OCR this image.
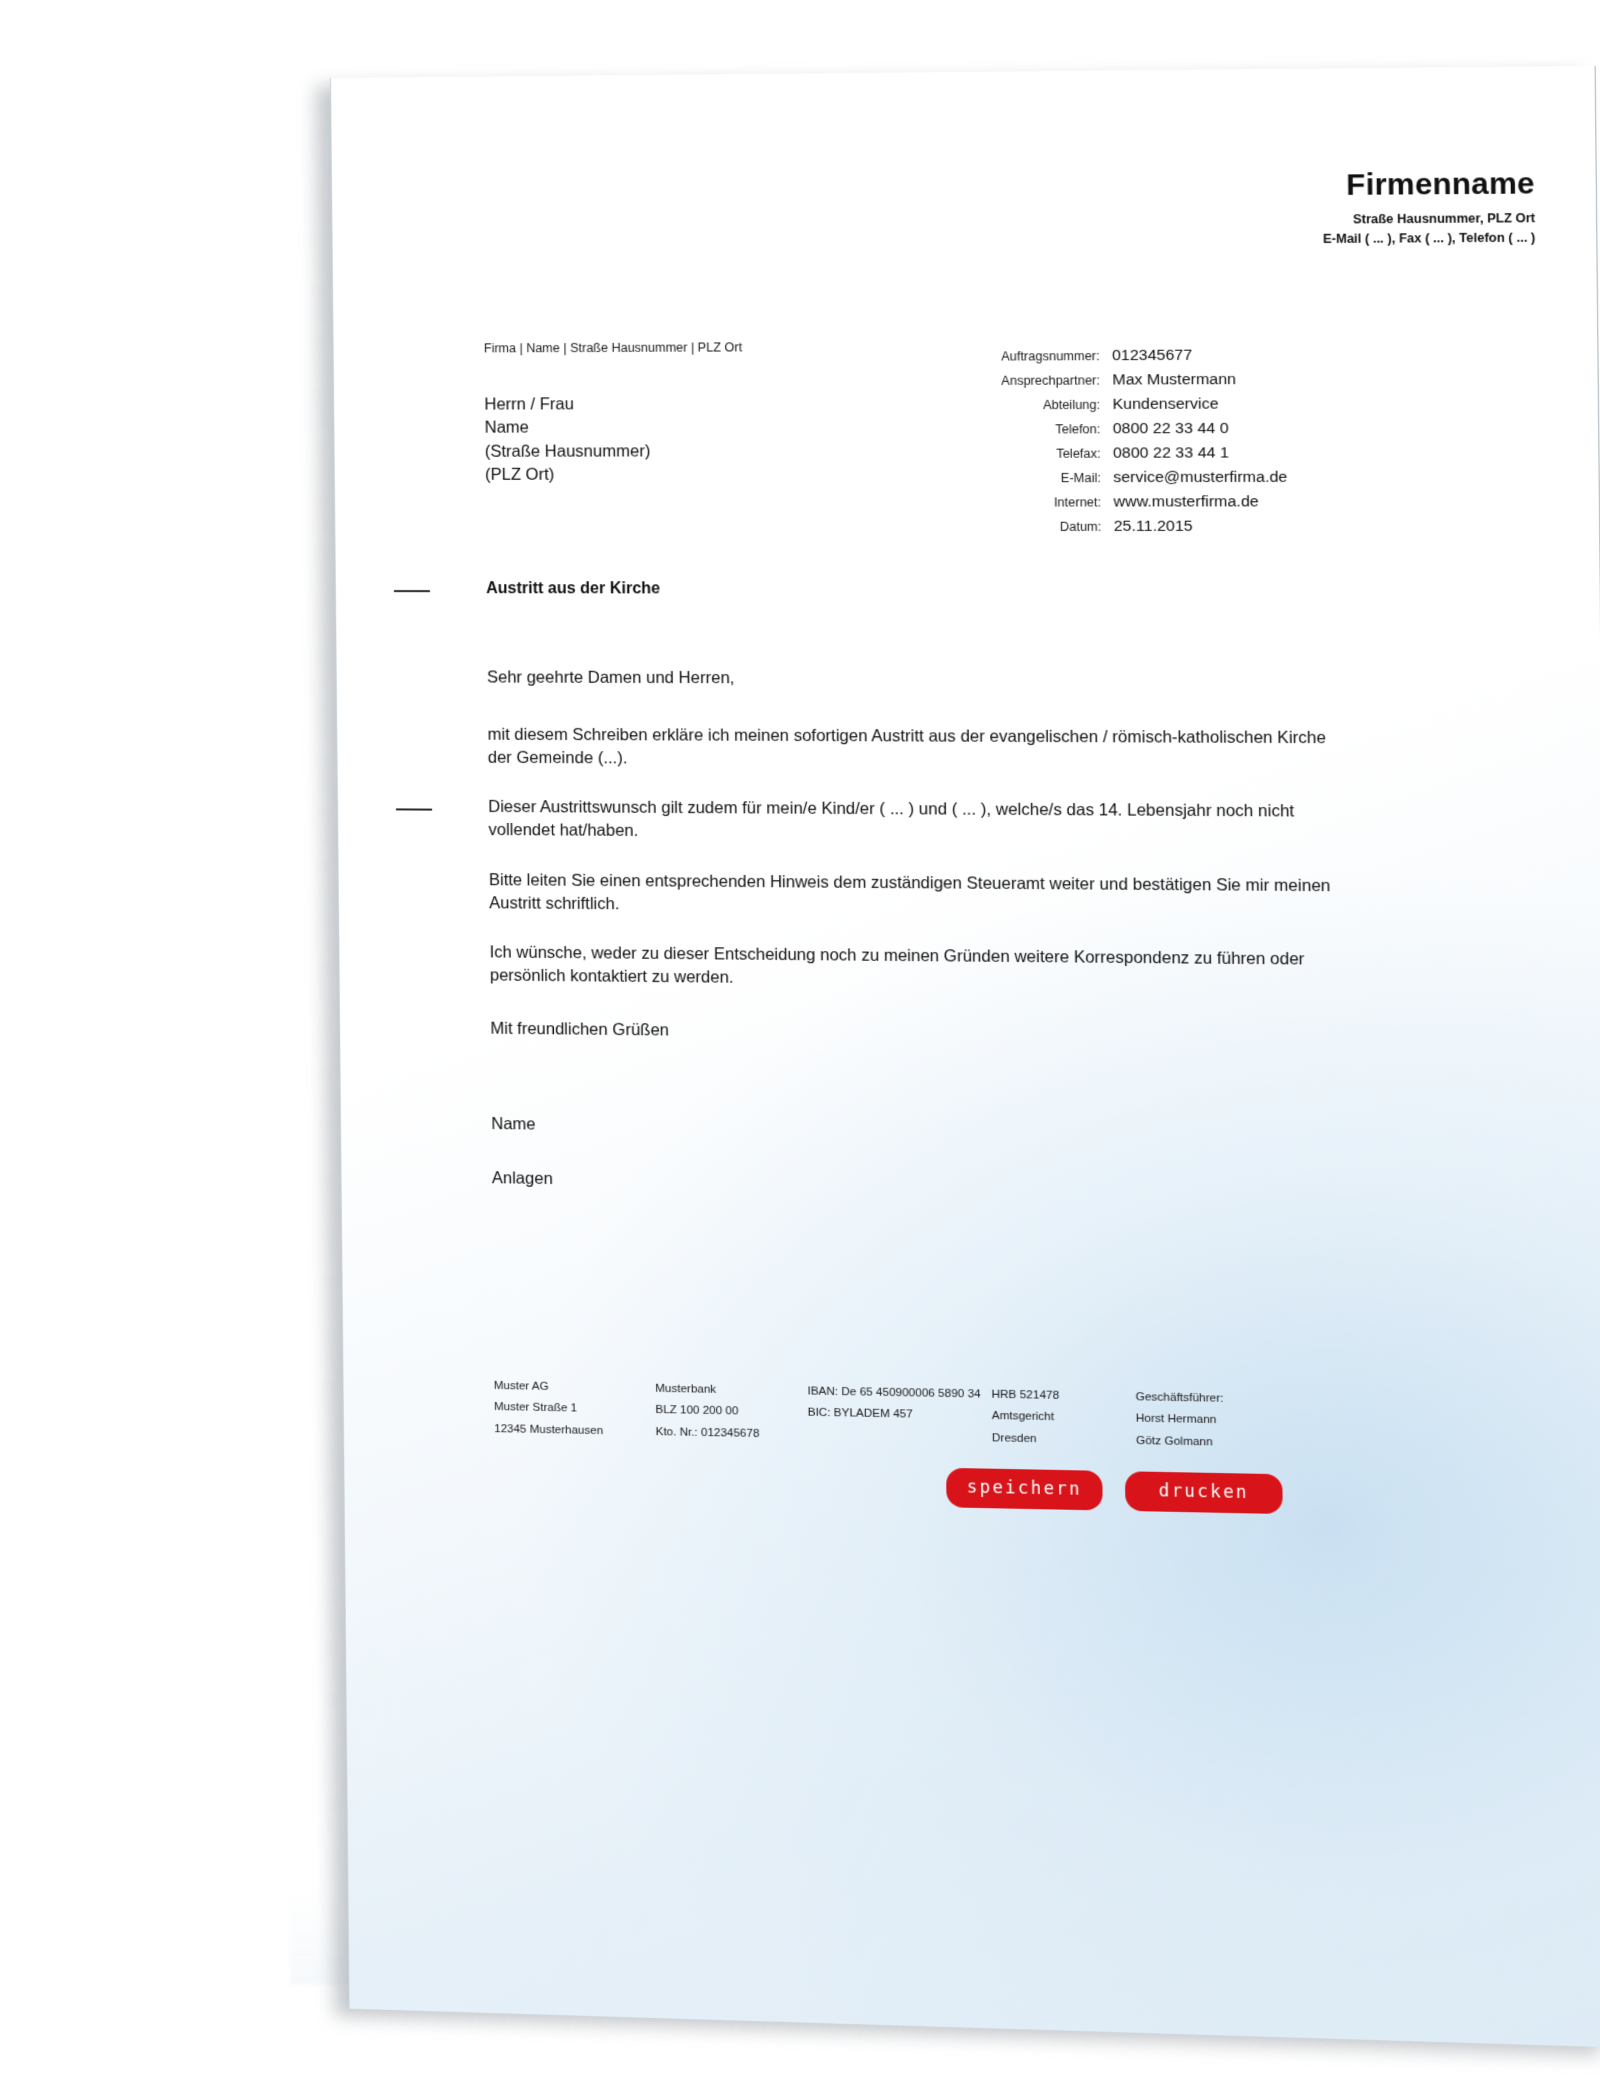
Firmenname
Straße Hausnummer, PLZ Ort
E-Mail ( ... ), Fax ( ... ), Telefon ( ... )
Firma | Name | Straße Hausnummer | PLZ Ort
Herrn / Frau
Name
(Straße Hausnummer)
(PLZ Ort)
Auftragsnummer: 012345677
Ansprechpartner: Max Mustermann
Abteilung: Kundenservice
Telefon: 0800 22 33 44 0
Telefax: 0800 22 33 44 1
E-Mail: service@musterfirma.de
Internet: www.musterfirma.de
Datum: 25.11.2015
Austritt aus der Kirche

Sehr geehrte Damen und Herren,

mit diesem Schreiben erkläre ich meinen sofortigen Austritt aus der evangelischen / römisch-katholischen Kirche der Gemeinde (...).

Dieser Austrittswunsch gilt zudem für mein/e Kind/er ( ... ) und ( ... ), welche/s das 14. Lebensjahr noch nicht vollendet hat/haben.

Bitte leiten Sie einen entsprechenden Hinweis dem zuständigen Steueramt weiter und bestätigen Sie mir meinen Austritt schriftlich.

Ich wünsche, weder zu dieser Entscheidung noch zu meinen Gründen weitere Korrespondenz zu führen oder persönlich kontaktiert zu werden.

Mit freundlichen Grüßen

Name

Anlagen

Muster AG
Muster Straße 1
12345 Musterhausen
Musterbank
BLZ 100 200 00
Kto. Nr.: 012345678
IBAN: De 65 450900006 5890 34
BIC: BYLADEM 457
HRB 521478
Amtsgericht
Dresden
Geschäftsführer:
Horst Hermann
Götz Golmann
speichern	drucken
